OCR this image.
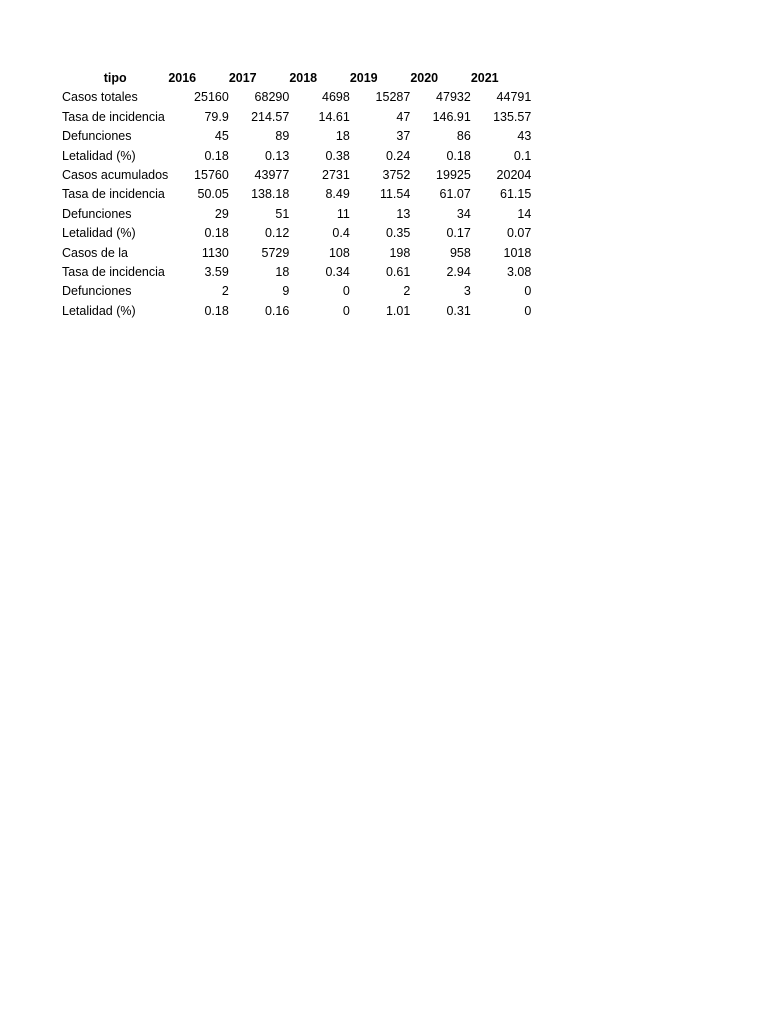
tipo	2016	2017	2018	2019	2020	2021
Casos totales	25160	68290	4698	15287	47932	44791
Tasa de incidencia	79.9	214.57	14.61	47	146.91	135.57
Defunciones	45	89	18	37	86	43
Letalidad (%)	0.18	0.13	0.38	0.24	0.18	0.1
Casos acumulados	15760	43977	2731	3752	19925	20204
Tasa de incidencia	50.05	138.18	8.49	11.54	61.07	61.15
Defunciones	29	51	11	13	34	14
Letalidad (%)	0.18	0.12	0.4	0.35	0.17	0.07
Casos de la	1130	5729	108	198	958	1018
Tasa de incidencia	3.59	18	0.34	0.61	2.94	3.08
Defunciones	2	9	0	2	3	0
Letalidad (%)	0.18	0.16	0	1.01	0.31	0
